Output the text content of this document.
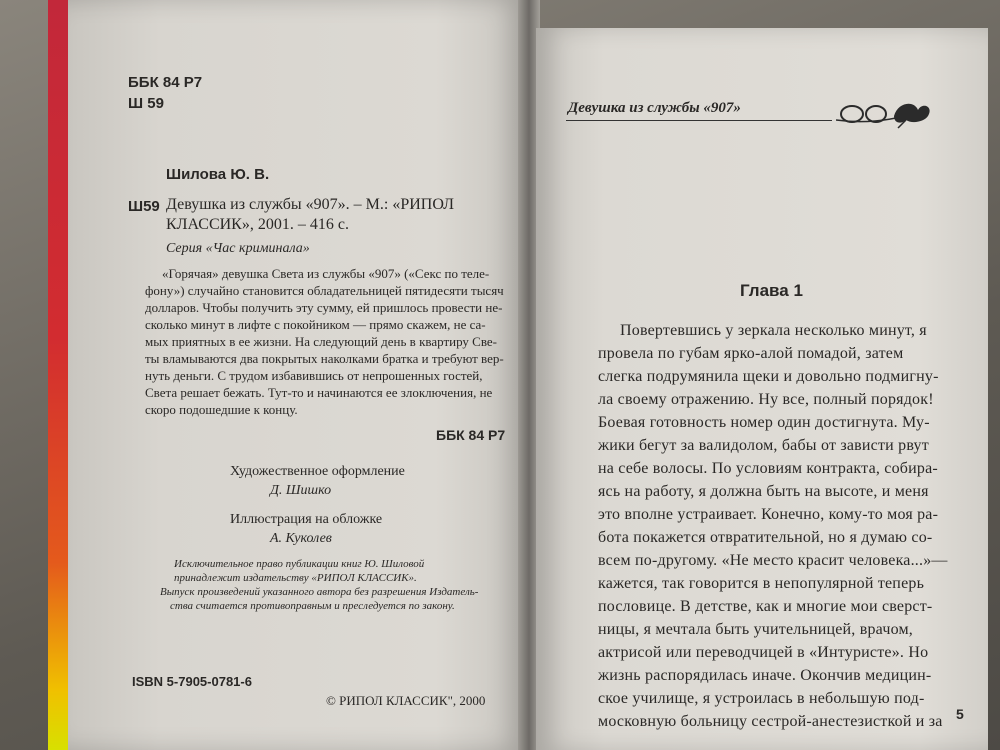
ББК 84 Р7
Ш 59
Шилова Ю. В.
Ш59 Девушка из службы «907». – М.: «РИПОЛ
КЛАССИК», 2001. – 416 с.
Серия «Час криминала»
«Горячая» девушка Света из службы «907» («Секс по теле-
фону») случайно становится обладательницей пятидесяти тысяч
долларов. Чтобы получить эту сумму, ей пришлось провести не-
сколько минут в лифте с покойником — прямо скажем, не са-
мых приятных в ее жизни. На следующий день в квартиру Све-
ты вламываются два покрытых наколками братка и требуют вер-
нуть деньги. С трудом избавившись от непрошенных гостей,
Света решает бежать. Тут-то и начинаются ее злоключения, не
скоро подошедшие к концу.
ББК 84 Р7
Художественное оформление
Д. Шишко
Иллюстрация на обложке
А. Куколев
Исключительное право публикации книг Ю. Шиловой
принадлежит издательству «РИПОЛ КЛАССИК».
Выпуск произведений указанного автора без разрешения Издатель-
ства считается противоправным и преследуется по закону.
ISBN 5-7905-0781-6
© РИПОЛ КЛАССИК", 2000
Девушка из службы «907»
Глава 1
Повертевшись у зеркала несколько минут, я
провела по губам ярко-алой помадой, затем
слегка подрумянила щеки и довольно подмигну-
ла своему отражению. Ну все, полный порядок!
Боевая готовность номер один достигнута. Му-
жики бегут за валидолом, бабы от зависти рвут
на себе волосы. По условиям контракта, собира-
ясь на работу, я должна быть на высоте, и меня
это вполне устраивает. Конечно, кому-то моя ра-
бота покажется отвратительной, но я думаю со-
всем по-другому. «Не место красит человека...»—
кажется, так говорится в непопулярной теперь
пословице. В детстве, как и многие мои сверст-
ницы, я мечтала быть учительницей, врачом,
актрисой или переводчицей в «Интуристе». Но
жизнь распорядилась иначе. Окончив медицин-
ское училище, я устроилась в небольшую под-
московную больницу сестрой-анестезисткой и за 5
